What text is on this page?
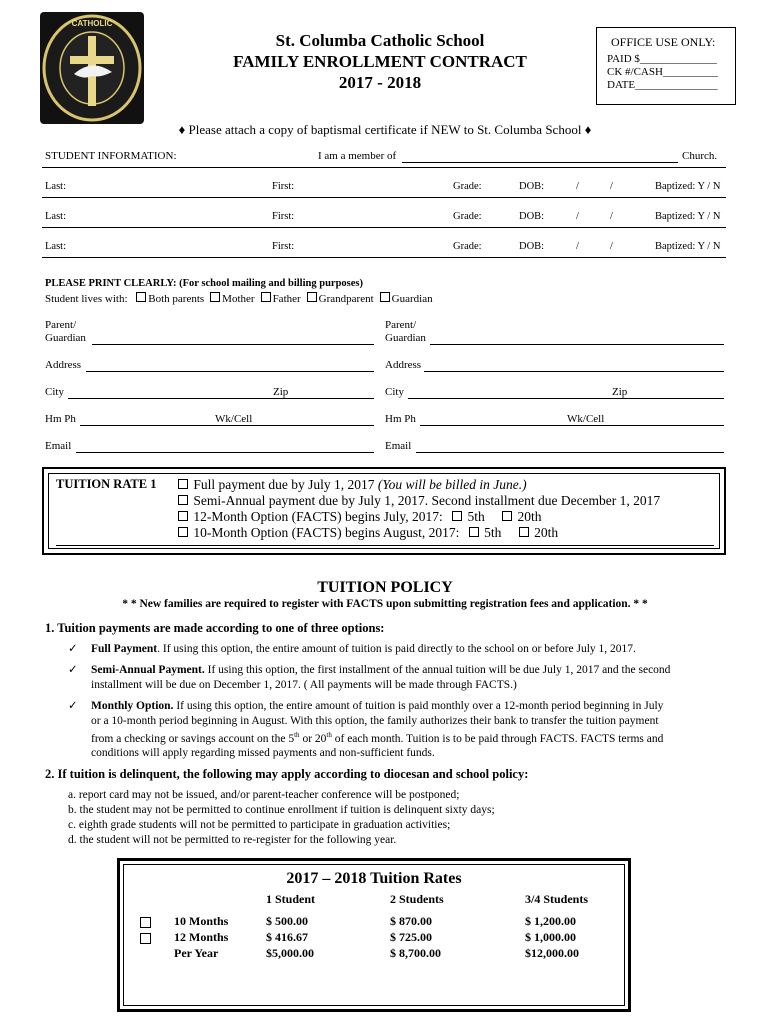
CATHOLIC
St. Columba Catholic School
FAMILY ENROLLMENT CONTRACT
2017 - 2018
OFFICE USE ONLY:
PAID $______________
CK #/CASH__________
DATE_______________
♦ Please attach a copy of baptismal certificate if NEW to St. Columba School ♦
STUDENT INFORMATION:	I am a member of	Church.
Last:	First:	Grade:	DOB:	/	/	Baptized: Y / N
Last:	First:	Grade:	DOB:	/	/	Baptized: Y / N
Last:	First:	Grade:	DOB:	/	/	Baptized: Y / N
PLEASE PRINT CLEARLY: (For school mailing and billing purposes)
Student lives with: Both parents Mother Father Grandparent Guardian
Parent/
Guardian
Parent/
Guardian
Address	Address
City	Zip	City	Zip
Hm Ph	Wk/Cell	Hm Ph	Wk/Cell
Email	Email
TUITION RATE 1	Full payment due by July 1, 2017 (You will be billed in June.)
Semi-Annual payment due by July 1, 2017. Second installment due December 1, 2017
12-Month Option (FACTS) begins July, 2017: 5th 20th
10-Month Option (FACTS) begins August, 2017: 5th 20th
TUITION POLICY
* * New families are required to register with FACTS upon submitting registration fees and application. * *
1. Tuition payments are made according to one of three options:
✓ Full Payment. If using this option, the entire amount of tuition is paid directly to the school on or before July 1, 2017.
✓ Semi-Annual Payment. If using this option, the first installment of the annual tuition will be due July 1, 2017 and the second
installment will be due on December 1, 2017. ( All payments will be made through FACTS.)
✓ Monthly Option. If using this option, the entire amount of tuition is paid monthly over a 12-month period beginning in July
or a 10-month period beginning in August. With this option, the family authorizes their bank to transfer the tuition payment
from a checking or savings account on the 5th or 20th of each month. Tuition is to be paid through FACTS. FACTS terms and
conditions will apply regarding missed payments and non-sufficient funds.
2. If tuition is delinquent, the following may apply according to diocesan and school policy:
a. report card may not be issued, and/or parent-teacher conference will be postponed;
b. the student may not be permitted to continue enrollment if tuition is delinquent sixty days;
c. eighth grade students will not be permitted to participate in graduation activities;
d. the student will not be permitted to re-register for the following year.
2017 – 2018 Tuition Rates
1 Student	2 Students	3/4 Students
10 Months	$ 500.00	$ 870.00	$ 1,200.00
12 Months	$ 416.67	$ 725.00	$ 1,000.00
Per Year	$5,000.00	$ 8,700.00	$12,000.00
